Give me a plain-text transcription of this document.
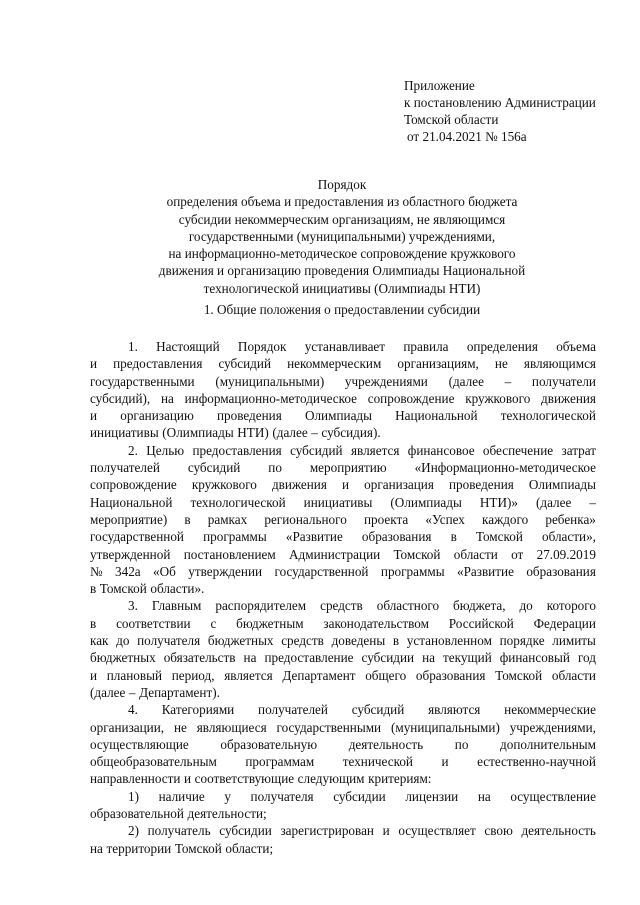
Приложение
к постановлению Администрации
Томской области
от 21.04.2021 № 156а
Порядок
определения объема и предоставления из областного бюджета
субсидии некоммерческим организациям, не являющимся
государственными (муниципальными) учреждениями,
на информационно-методическое сопровождение кружкового
движения и организацию проведения Олимпиады Национальной
технологической инициативы (Олимпиады НТИ)
1. Общие положения о предоставлении субсидии
1. Настоящий Порядок устанавливает правила определения объема
и предоставления субсидий некоммерческим организациям, не являющимся
государственными (муниципальными) учреждениями (далее – получатели
субсидий), на информационно-методическое сопровождение кружкового движения
и организацию проведения Олимпиады Национальной технологической
инициативы (Олимпиады НТИ) (далее – субсидия).
2. Целью предоставления субсидий является финансовое обеспечение затрат
получателей субсидий по мероприятию «Информационно-методическое
сопровождение кружкового движения и организация проведения Олимпиады
Национальной технологической инициативы (Олимпиады НТИ)» (далее –
мероприятие) в рамках регионального проекта «Успех каждого ребенка»
государственной программы «Развитие образования в Томской области»,
утвержденной постановлением Администрации Томской области от 27.09.2019
№ 342а «Об утверждении государственной программы «Развитие образования
в Томской области».
3. Главным распорядителем средств областного бюджета, до которого
в соответствии с бюджетным законодательством Российской Федерации
как до получателя бюджетных средств доведены в установленном порядке лимиты
бюджетных обязательств на предоставление субсидии на текущий финансовый год
и плановый период, является Департамент общего образования Томской области
(далее – Департамент).
4. Категориями получателей субсидий являются некоммерческие
организации, не являющиеся государственными (муниципальными) учреждениями,
осуществляющие образовательную деятельность по дополнительным
общеобразовательным программам технической и естественно-научной
направленности и соответствующие следующим критериям:
1) наличие у получателя субсидии лицензии на осуществление
образовательной деятельности;
2) получатель субсидии зарегистрирован и осуществляет свою деятельность
на территории Томской области;
